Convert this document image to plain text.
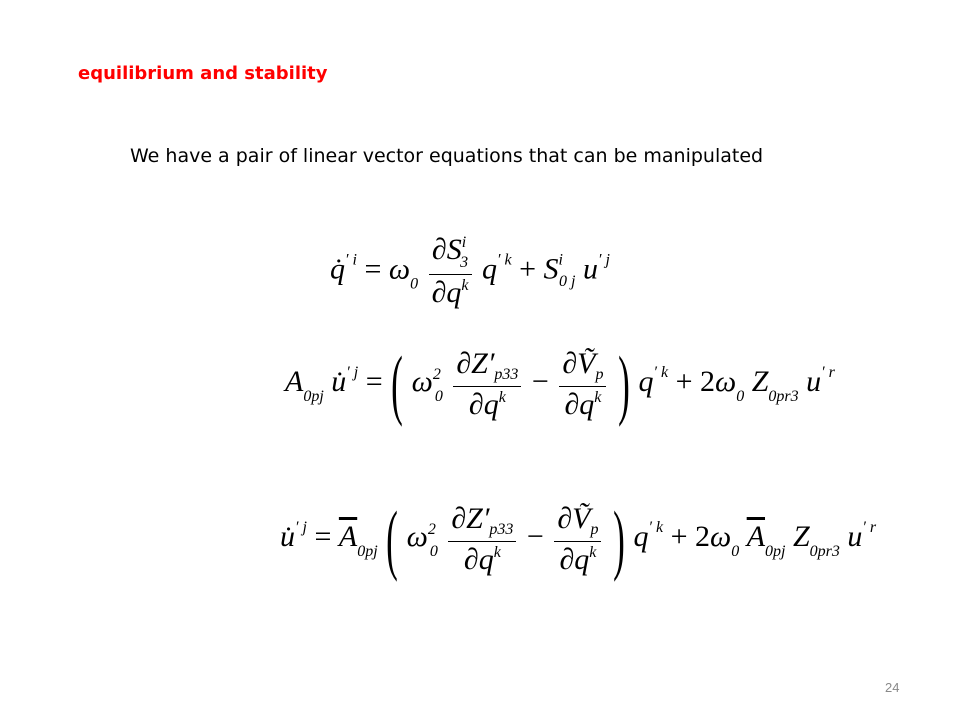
equilibrium and stability
We have a pair of linear vector equations that can be manipulated
q̇$^{' i}$ = $\omega_0 \frac{\partial S^i_3}{\partial q^k} q^{' k} + S^i_{0 j}$ $u^{' j}$
$A_{0pj}$ u̇$^{' j}$ = ( $\omega^2_0 \frac{\partial Z'_{p33}}{\partial q^k} - \frac{\partial Ṽ_p}{\partial q^k}$ ) $q^{' k} + 2\omega_0$ $Z_{0pr3}$ $u^{' r}$
u̇$^{' j}$ = $\overline{A}_{0pj}$ ( $\omega^2_0 \frac{\partial Z'_{p33}}{\partial q^k} - \frac{\partial Ṽ_p}{\partial q^k}$ ) $q^{' k} + 2\omega_0$ $\overline{A}_{0pj}$ $Z_{0pr3}$ $u^{' r}$
24
